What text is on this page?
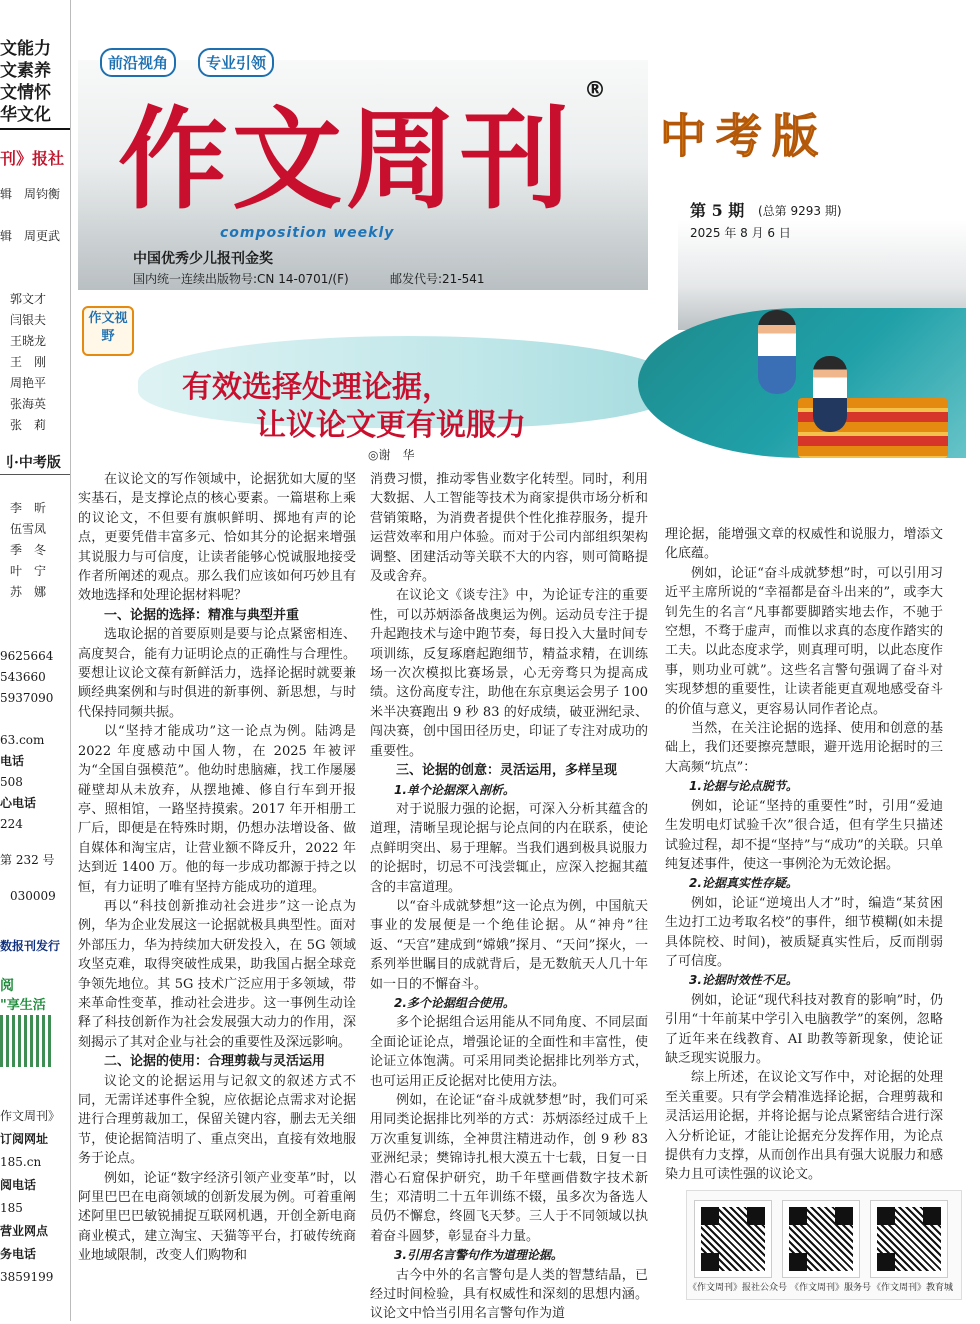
文能力
文素养
文情怀
华文化
刊》报社
辑 周钧衡
辑 周更武
郭文才
闫银夫
王晓龙
王　刚
周艳平
张海英
张　莉
刂·中考版
李　昕
伍雪凤
季　冬
叶　宁
苏　娜
9625664
543660
5937090
63.com
电话
508
心电话
224
第 232 号
030009
数报刊发行
阅
"享生活
作文周刊》
订阅网址
185.cn
阅电话
185
营业网点
务电话
3859199
前沿视角	专业引领
作文周刊
®
composition weekly
中国优秀少儿报刊金奖
国内统一连续出版物号:CN 14-0701/(F)	邮发代号:21-541
中考版
第 5 期 (总第 9293 期)
2025 年 8 月 6 日
作文视野
有效选择处理论据，
让议论文更有说服力
◎谢　华

在议论文的写作领域中，论据犹如大厦的坚实基石，是支撑论点的核心要素。一篇堪称上乘的议论文，不但要有旗帜鲜明、掷地有声的论点，更要凭借丰富多元、恰如其分的论据来增强其说服力与可信度，让读者能够心悦诚服地接受作者所阐述的观点。那么我们应该如何巧妙且有效地选择和处理论据材料呢？

一、论据的选择：精准与典型并重

选取论据的首要原则是要与论点紧密相连、高度契合，能有力证明论点的正确性与合理性。要想让议论文葆有新鲜活力，选择论据时就要兼顾经典案例和与时俱进的新事例、新思想，与时代保持同频共振。

以“坚持才能成功”这一论点为例。陆鸿是 2022 年度感动中国人物，在 2025 年被评为“全国自强模范”。他幼时患脑瘫，找工作屡屡碰壁却从未放弃，从摆地摊、修自行车到开报亭、照相馆，一路坚持摸索。2017 年开相册工厂后，即便是在特殊时期，仍想办法增设备、做自媒体和淘宝店，让营业额不降反升，2022 年达到近 1400 万。他的每一步成功都源于持之以恒，有力证明了唯有坚持方能成功的道理。

再以“科技创新推动社会进步”这一论点为例，华为企业发展这一论据就极具典型性。面对外部压力，华为持续加大研发投入，在 5G 领域攻坚克难，取得突破性成果，助我国占据全球竞争领先地位。其 5G 技术广泛应用于多领域，带来革命性变革，推动社会进步。这一事例生动诠释了科技创新作为社会发展强大动力的作用，深刻揭示了其对企业与社会的重要性及深远影响。

二、论据的使用：合理剪裁与灵活运用

议论文的论据运用与记叙文的叙述方式不同，无需详述事件全貌，应依据论点需求对论据进行合理剪裁加工，保留关键内容，删去无关细节，使论据简洁明了、重点突出，直接有效地服务于论点。

例如，论证“数字经济引领产业变革”时，以阿里巴巴在电商领域的创新发展为例。可着重阐述阿里巴巴敏锐捕捉互联网机遇，开创全新电商商业模式，建立淘宝、天猫等平台，打破传统商业地域限制，改变人们购物和

消费习惯，推动零售业数字化转型。同时，利用大数据、人工智能等技术为商家提供市场分析和营销策略，为消费者提供个性化推荐服务，提升运营效率和用户体验。而对于公司内部组织架构调整、团建活动等关联不大的内容，则可简略提及或舍弃。

在议论文《谈专注》中，为论证专注的重要性，可以苏炳添备战奥运为例。运动员专注于提升起跑技术与途中跑节奏，每日投入大量时间专项训练，反复琢磨起跑细节，精益求精，在训练场一次次模拟比赛场景，心无旁骛只为提高成绩。这份高度专注，助他在东京奥运会男子 100 米半决赛跑出 9 秒 83 的好成绩，破亚洲纪录、闯决赛，创中国田径历史，印证了专注对成功的重要性。

三、论据的创意：灵活运用，多样呈现
1.单个论据深入剖析。

对于说服力强的论据，可深入分析其蕴含的道理，清晰呈现论据与论点间的内在联系，使论点鲜明突出、易于理解。当我们遇到极具说服力的论据时，切忌不可浅尝辄止，应深入挖掘其蕴含的丰富道理。

以“奋斗成就梦想”这一论点为例，中国航天事业的发展便是一个绝佳论据。从“神舟”往返、“天宫”建成到“嫦娥”探月、“天问”探火，一系列举世瞩目的成就背后，是无数航天人几十年如一日的不懈奋斗。

2.多个论据组合使用。

多个论据组合运用能从不同角度、不同层面全面论证论点，增强论证的全面性和丰富性，使论证立体饱满。可采用同类论据排比列举方式，也可运用正反论据对比使用方法。

例如，在论证“奋斗成就梦想”时，我们可采用同类论据排比列举的方式：苏炳添经过成千上万次重复训练，全神贯注精进动作，创 9 秒 83 亚洲纪录；樊锦诗扎根大漠五十七载，日复一日潜心石窟保护研究，助千年壁画借数字技术新生；邓清明二十五年训练不辍，虽多次为备选人员仍不懈怠，终圆飞天梦。三人于不同领域以执着奋斗圆梦，彰显奋斗力量。

3.引用名言警句作为道理论据。

古今中外的名言警句是人类的智慧结晶，已经过时间检验，具有权威性和深刻的思想内涵。议论文中恰当引用名言警句作为道

理论据，能增强文章的权威性和说服力，增添文化底蕴。

例如，论证“奋斗成就梦想”时，可以引用习近平主席所说的“幸福都是奋斗出来的”，或李大钊先生的名言“凡事都要脚踏实地去作，不驰于空想，不骛于虚声，而惟以求真的态度作踏实的工夫。以此态度求学，则真理可明，以此态度作事，则功业可就”。这些名言警句强调了奋斗对实现梦想的重要性，让读者能更直观地感受奋斗的价值与意义，更容易认同作者论点。

当然，在关注论据的选择、使用和创意的基础上，我们还要擦亮慧眼，避开选用论据时的三大高频“坑点”：

1.论据与论点脱节。

例如，论证“坚持的重要性”时，引用“爱迪生发明电灯试验千次”很合适，但有学生只描述试验过程，却不提“坚持”与“成功”的关联。只单纯复述事件，使这一事例沦为无效论据。

2.论据真实性存疑。

例如，论证“逆境出人才”时，编造“某贫困生边打工边考取名校”的事件，细节模糊(如未提具体院校、时间)，被质疑真实性后，反而削弱了可信度。

3.论据时效性不足。

例如，论证“现代科技对教育的影响”时，仍引用“十年前某中学引入电脑教学”的案例，忽略了近年来在线教育、AI 助教等新现象，使论证缺乏现实说服力。

综上所述，在议论文写作中，对论据的处理至关重要。只有学会精准选择论据，合理剪裁和灵活运用论据，并将论据与论点紧密结合进行深入分析论证，才能让论据充分发挥作用，为论点提供有力支撑，从而创作出具有强大说服力和感染力且可读性强的议论文。

《作文周刊》报社公众号 《作文周刊》服务号 《作文周刊》教育城
